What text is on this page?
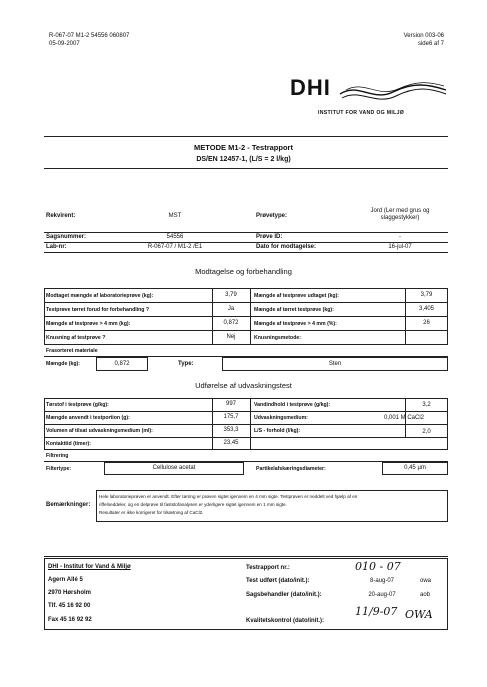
R-067-07 M1-2 54556 060807
05-09-2007
Version 003-06
side6 af 7
DHI
INSTITUT FOR VAND OG MILJØ
METODE M1-2 - Testrapport
DS/EN 12457-1, (L/S = 2 l/kg)
Rekvirent:	MST	Prøvetype:
Jord (Ler med grus og slaggestykker)
Sagsnummer:	54556	Prøve ID:	-
Lab-nr:	R-067-07 / M1-2 /E1	Dato for modtagelse:	16-jul-07
Modtagelse og forbehandling
Modtaget mængde af laboratorieprøve (kg):	3,79	Mængde af testprøve udtaget (kg):	3,79
Testprøve tørret forud for forbehandling ?	Ja	Mængde af tørret testprøve (kg):	3,405
Mængde af testprøve > 4 mm (kg):	0,872	Mængde af testprøve > 4 mm (%):	26
Knusning af testprøve ?	Nej	Knusningsmetode:
Frasorteret materiale
Mængde (kg):	0,872	Type:	Sten
Udførelse af udvaskningstest
Tørstof i testprøve (g/kg):	997	Vandindhold i testprøve (g/kg):	3,2
Mængde anvendt i testportion (g):	175,7	Udvaskningsmedium:	0,001 M CaCl2
Volumen af tilsat udvaskningsmedium (ml):	353,3	L/S - forhold (l/kg):	2,0
Kontakttid (timer):	23,45
Filtrering
Filtertype:	Cellulose acetat	Partikelafskæringsdiameter:	0,45 µm
Bemærkninger:
Hele laboratorieprøven er anvendt. Efter tørring er prøven sigtet igennem en 4 mm sigte. Testprøven er neddelt ved hjælp af en
riffelneddeler, og en delprøve til faststofanalysen er yderligere sigtet igennem en 1 mm sigte.
Resultater er ikke korrigeret for tilsætning af CaCl2.
DHI - Institut for Vand & Miljø
Agern Allé 5
2970 Hørsholm
Tlf. 45 16 92 00
Fax 45 16 92 92
Testrapport nr.:	010 - 07
Test udført (dato/init.):	8-aug-07	owa
Sagsbehandler (dato/init.):	20-aug-07	aob
Kvalitetskontrol (dato/init.):
11/9-07 OWA
